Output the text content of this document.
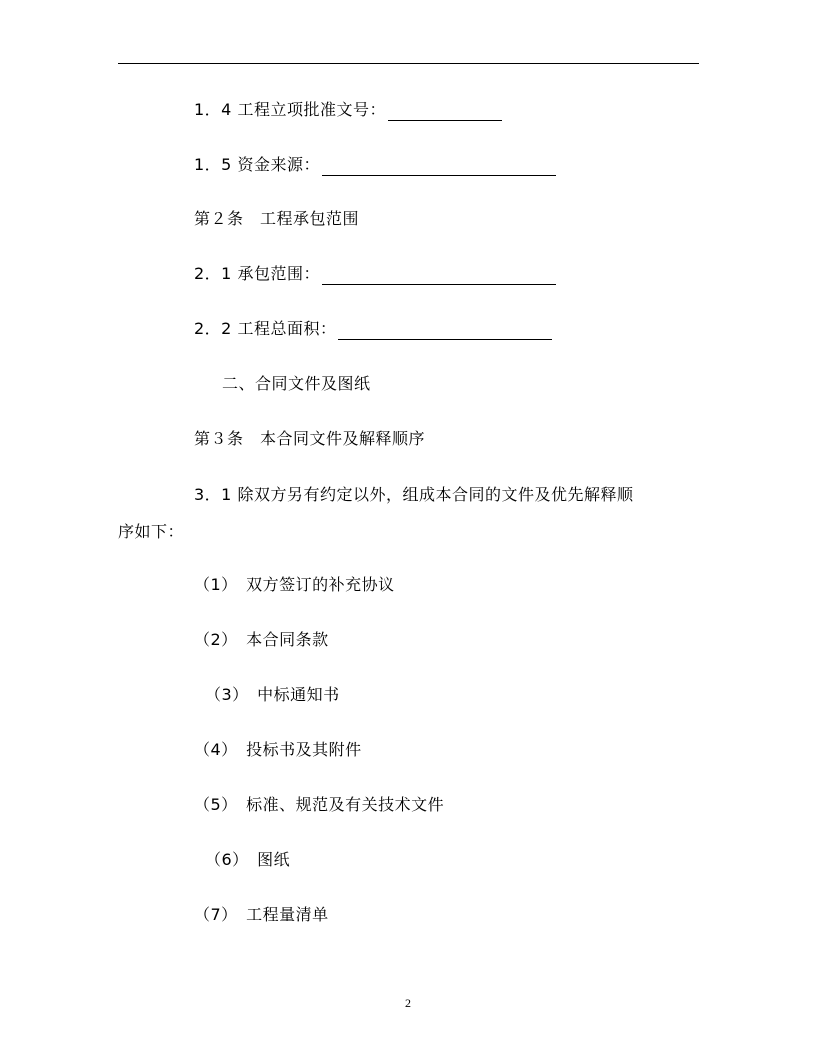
1．4 工程立项批准文号：
1．5 资金来源：
第２条　工程承包范围
2．1 承包范围：
2．2 工程总面积：
二、合同文件及图纸
第３条　本合同文件及解释顺序
3．1 除双方另有约定以外，组成本合同的文件及优先解释顺
序如下：
（1）　双方签订的补充协议
（2）　本合同条款
（3）　中标通知书
（4）　投标书及其附件
（5）　标准、规范及有关技术文件
（6）　图纸
（7）　工程量清单
2
